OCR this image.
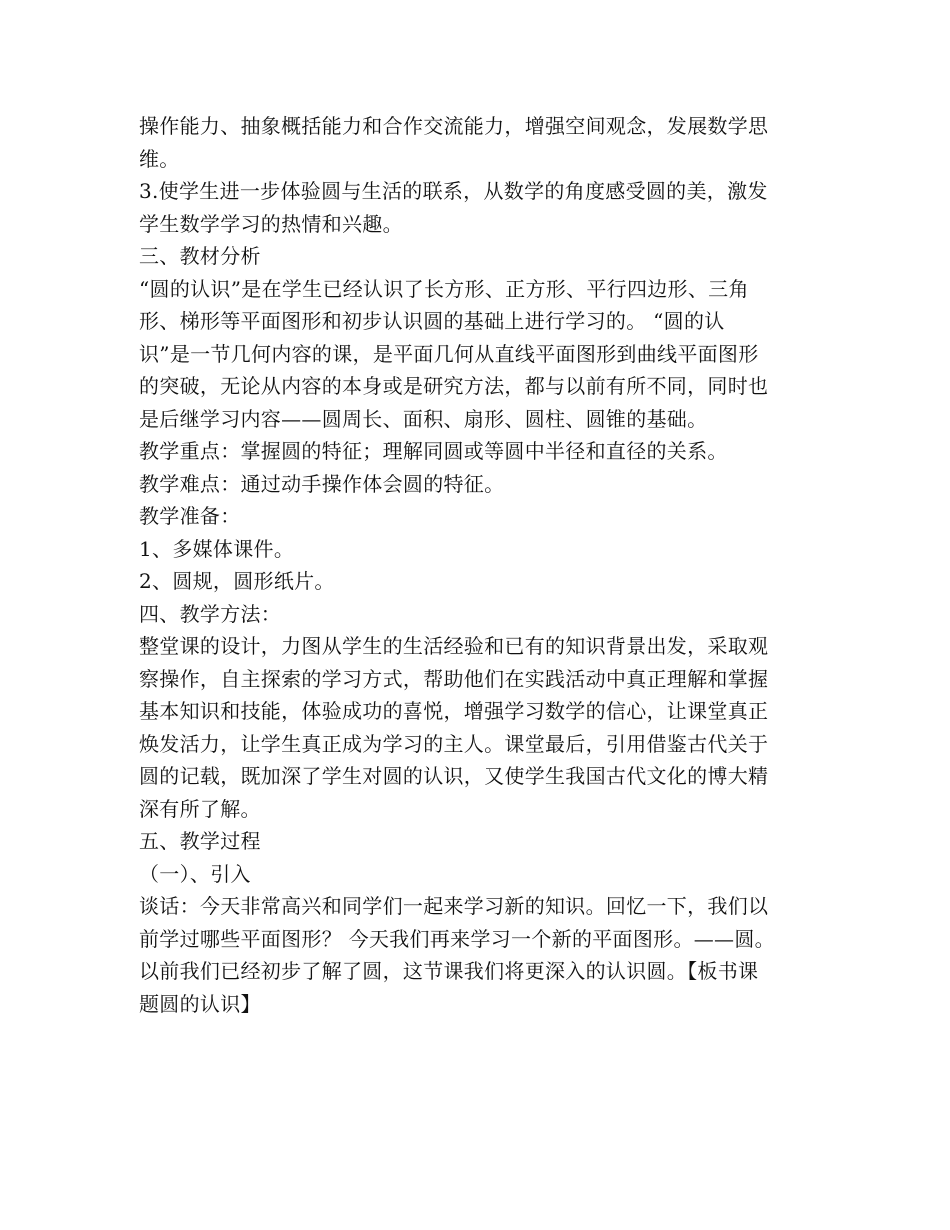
操作能力、抽象概括能力和合作交流能力，增强空间观念，发展数学思
维。
3.使学生进一步体验圆与生活的联系，从数学的角度感受圆的美，激发
学生数学学习的热情和兴趣。
三、教材分析
“圆的认识”是在学生已经认识了长方形、正方形、平行四边形、三角
形、梯形等平面图形和初步认识圆的基础上进行学习的。 “圆的认
识”是一节几何内容的课，是平面几何从直线平面图形到曲线平面图形
的突破，无论从内容的本身或是研究方法，都与以前有所不同，同时也
是后继学习内容——圆周长、面积、扇形、圆柱、圆锥的基础。
教学重点：掌握圆的特征；理解同圆或等圆中半径和直径的关系。
教学难点：通过动手操作体会圆的特征。
教学准备：
1、多媒体课件。
2、圆规，圆形纸片。
四、教学方法：
整堂课的设计，力图从学生的生活经验和已有的知识背景出发，采取观
察操作，自主探索的学习方式，帮助他们在实践活动中真正理解和掌握
基本知识和技能，体验成功的喜悦，增强学习数学的信心，让课堂真正
焕发活力，让学生真正成为学习的主人。课堂最后，引用借鉴古代关于
圆的记载，既加深了学生对圆的认识，又使学生我国古代文化的博大精
深有所了解。
五、教学过程
（一）、引入
谈话：今天非常高兴和同学们一起来学习新的知识。回忆一下，我们以
前学过哪些平面图形？ 今天我们再来学习一个新的平面图形。——圆。
以前我们已经初步了解了圆，这节课我们将更深入的认识圆。【板书课
题圆的认识】
